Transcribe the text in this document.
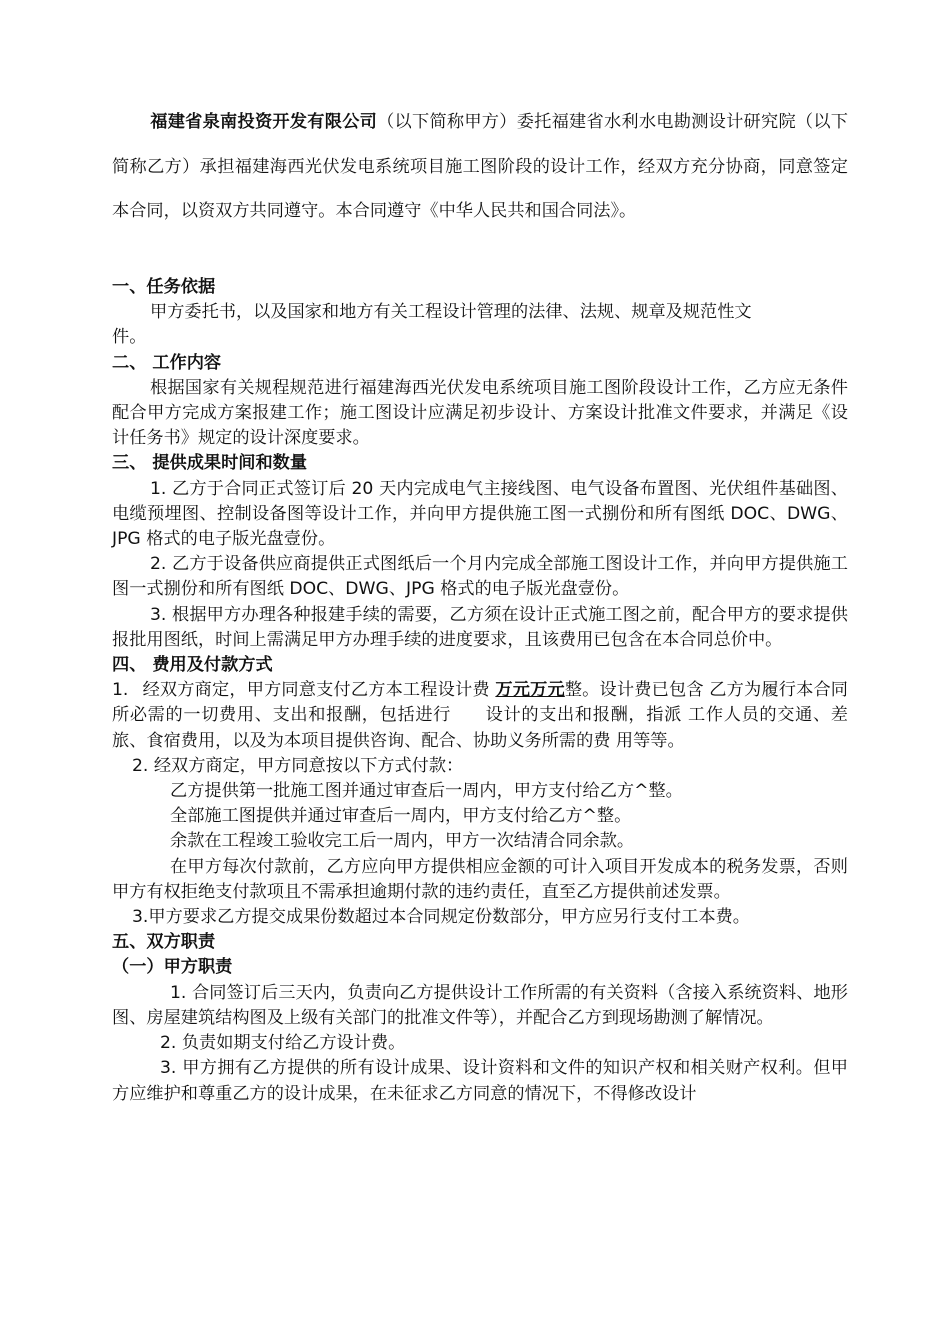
福建省泉南投资开发有限公司（以下简称甲方）委托福建省水利水电勘测设计研究院（以下简称乙方）承担福建海西光伏发电系统项目施工图阶段的设计工作，经双方充分协商，同意签定本合同，以资双方共同遵守。本合同遵守《中华人民共和国合同法》。

一、任务依据

甲方委托书，以及国家和地方有关工程设计管理的法律、法规、规章及规范性文

件。

二、 工作内容

根据国家有关规程规范进行福建海西光伏发电系统项目施工图阶段设计工作，乙方应无条件配合甲方完成方案报建工作；施工图设计应满足初步设计、方案设计批准文件要求，并满足《设计任务书》规定的设计深度要求。

三、 提供成果时间和数量

1. 乙方于合同正式签订后 20 天内完成电气主接线图、电气设备布置图、光伏组件基础图、电缆预埋图、控制设备图等设计工作，并向甲方提供施工图一式捌份和所有图纸 DOC、DWG、JPG 格式的电子版光盘壹份。

2. 乙方于设备供应商提供正式图纸后一个月内完成全部施工图设计工作，并向甲方提供施工图一式捌份和所有图纸 DOC、DWG、JPG 格式的电子版光盘壹份。

3. 根据甲方办理各种报建手续的需要，乙方须在设计正式施工图之前，配合甲方的要求提供报批用图纸，时间上需满足甲方办理手续的进度要求，且该费用已包含在本合同总价中。

四、 费用及付款方式

1. 经双方商定，甲方同意支付乙方本工程设计费 万元万元整。设计费已包含 乙方为履行本合同所必需的一切费用、支出和报酬，包括进行 设计的支出和报酬，指派 工作人员的交通、差旅、食宿费用，以及为本项目提供咨询、配合、协助义务所需的费 用等等。

2. 经双方商定，甲方同意按以下方式付款：

乙方提供第一批施工图并通过审查后一周内，甲方支付给乙方^整。

全部施工图提供并通过审查后一周内，甲方支付给乙方^整。

余款在工程竣工验收完工后一周内，甲方一次结清合同余款。

在甲方每次付款前，乙方应向甲方提供相应金额的可计入项目开发成本的税务发票，否则甲方有权拒绝支付款项且不需承担逾期付款的违约责任，直至乙方提供前述发票。

3.甲方要求乙方提交成果份数超过本合同规定份数部分，甲方应另行支付工本费。

五、双方职责

（一）甲方职责

1. 合同签订后三天内，负责向乙方提供设计工作所需的有关资料（含接入系统资料、地形图、房屋建筑结构图及上级有关部门的批准文件等），并配合乙方到现场勘测了解情况。

2. 负责如期支付给乙方设计费。

3. 甲方拥有乙方提供的所有设计成果、设计资料和文件的知识产权和相关财产权利。但甲方应维护和尊重乙方的设计成果，在未征求乙方同意的情况下，不得修改设计
